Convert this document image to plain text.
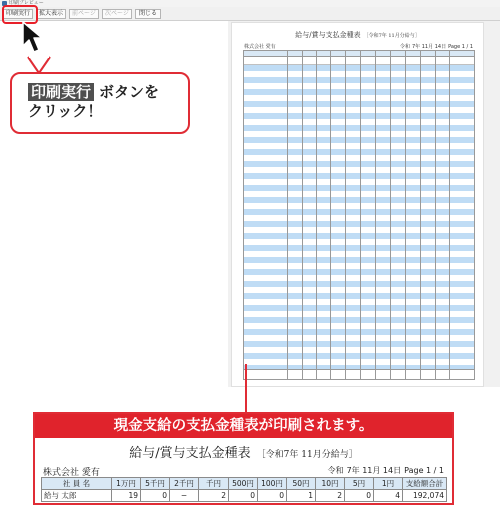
印刷プレビュー
印刷実行	拡大表示	前ページ	次ページ	閉じる
給与/賞与支払金種表 ［令和7年 11月分給与］
株式会社 愛有	令和 7年 11月 14日 Page 1 / 1
印刷実行 ボタンを
クリック！
現金支給の支払金種表が印刷されます。
給与/賞与支払金種表 ［令和7年 11月分給与］
株式会社 愛有	令和 7年 11月 14日 Page 1 / 1
社 員 名	1万円	5千円	2千円	千円	500円	100円	50円	10円	5円	1円	支給額合計
給与 太郎	19	0	−	2	0	0	1	2	0	4	192,074
